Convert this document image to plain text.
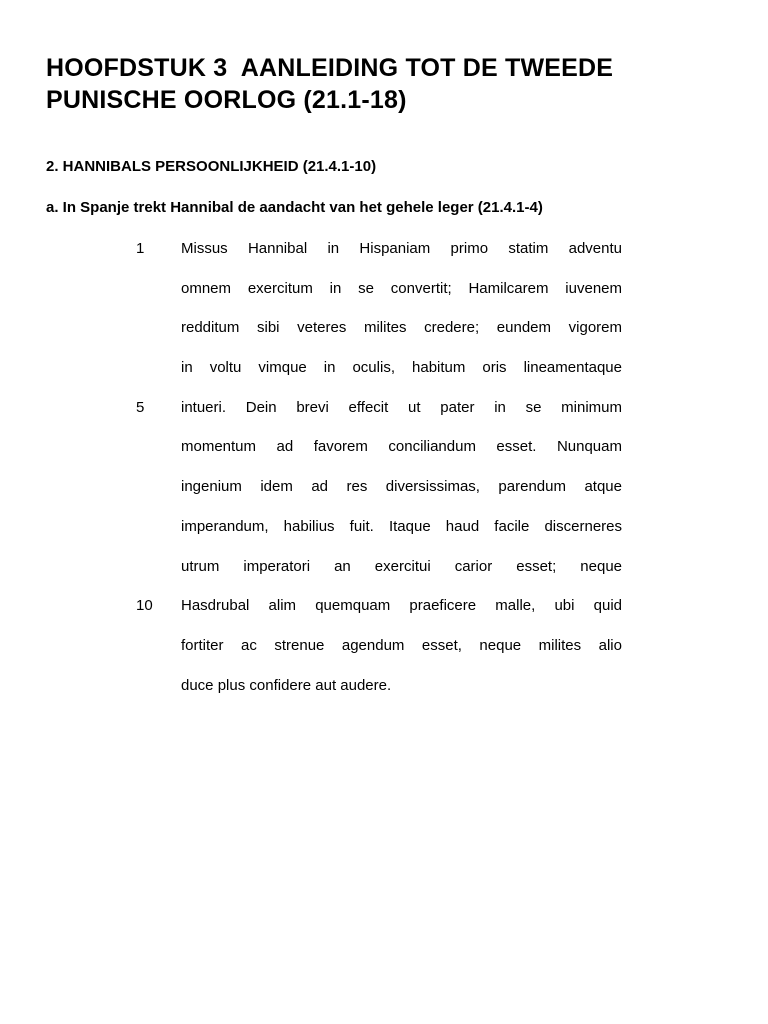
HOOFDSTUK 3  AANLEIDING TOT DE TWEEDE PUNISCHE OORLOG (21.1-18)
2. HANNIBALS PERSOONLIJKHEID (21.4.1-10)
a. In Spanje trekt Hannibal de aandacht van het gehele leger (21.4.1-4)
1 Missus Hannibal in Hispaniam primo statim adventu
omnem exercitum in se convertit; Hamilcarem iuvenem
redditum sibi veteres milites credere; eundem vigorem
in voltu vimque in oculis, habitum oris lineamentaque
5 intueri. Dein brevi effecit ut pater in se minimum
momentum ad favorem conciliandum esset. Nunquam
ingenium idem ad res diversissimas, parendum atque
imperandum, habilius fuit. Itaque haud facile discerneres
utrum imperatori an exercitui carior esset; neque
10 Hasdrubal alim quemquam praeficere malle, ubi quid
fortiter ac strenue agendum esset, neque milites alio
duce plus confidere aut audere.
